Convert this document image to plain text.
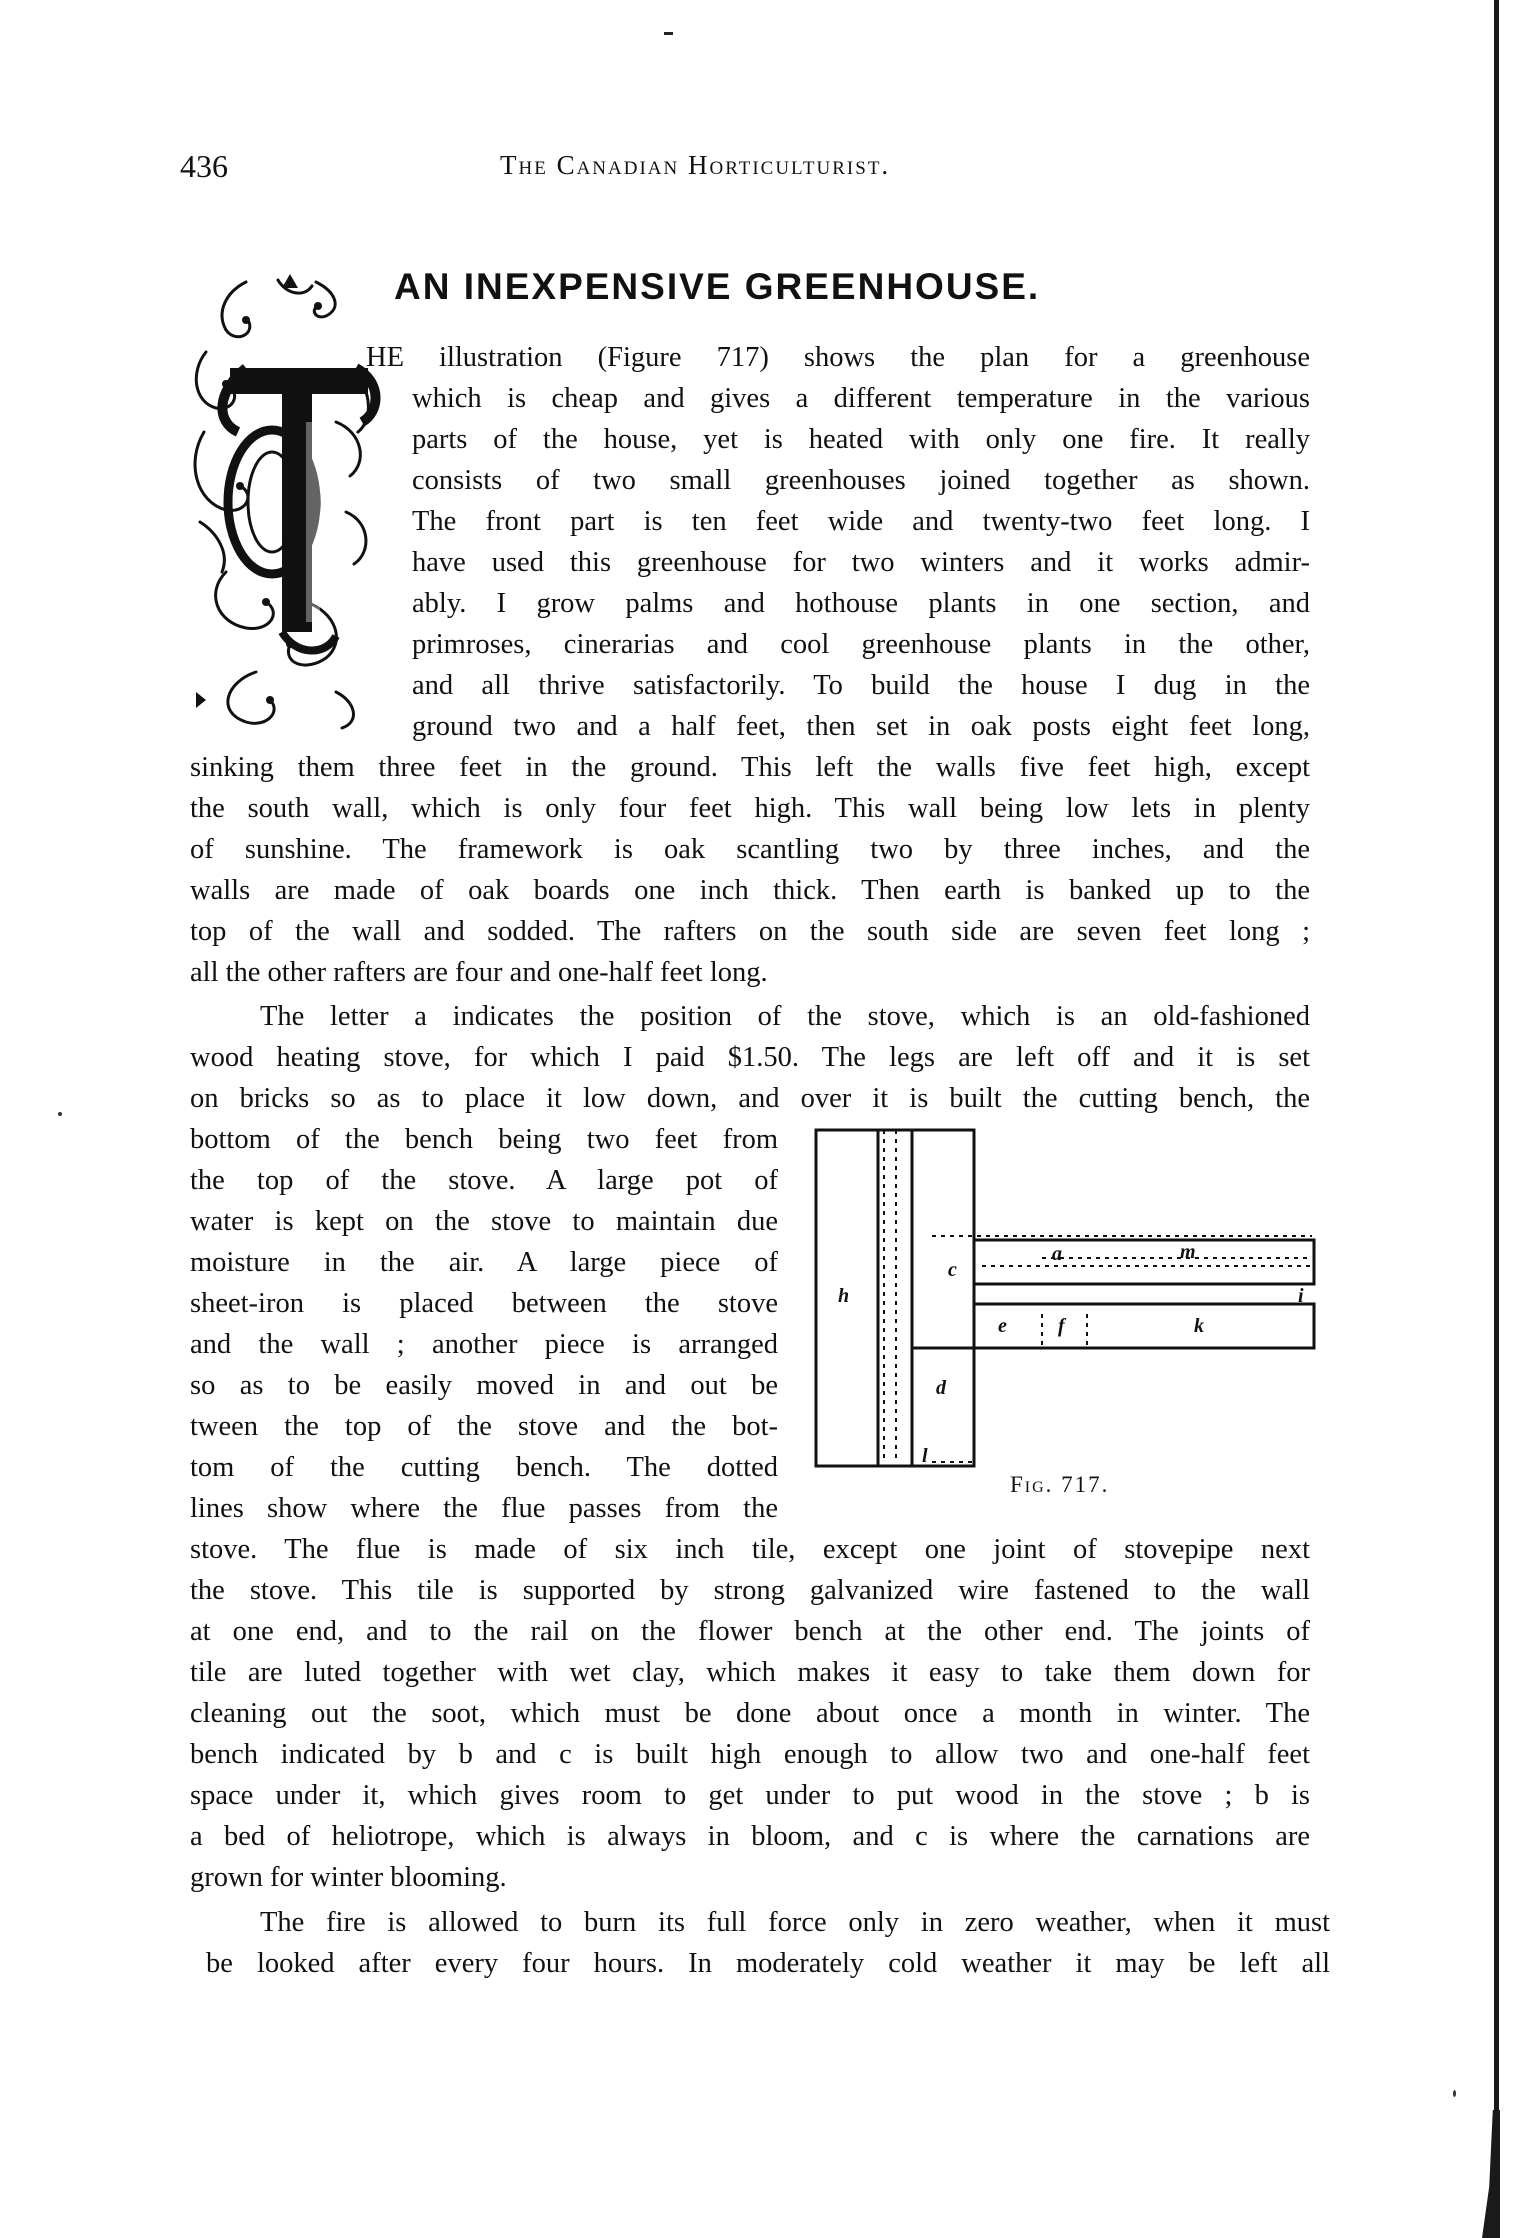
436	The Canadian Horticulturist.
AN INEXPENSIVE GREENHOUSE.

HE illustration (Figure 717) shows the plan for a greenhouse

which is cheap and gives a different temperature in the various

parts of the house, yet is heated with only one fire. It really

consists of two small greenhouses joined together as shown.

The front part is ten feet wide and twenty-two feet long. I

have used this greenhouse for two winters and it works admir-

ably. I grow palms and hothouse plants in one section, and

primroses, cinerarias and cool greenhouse plants in the other,

and all thrive satisfactorily. To build the house I dug in the

ground two and a half feet, then set in oak posts eight feet long,

sinking them three feet in the ground. This left the walls five feet high, except

the south wall, which is only four feet high. This wall being low lets in plenty

of sunshine. The framework is oak scantling two by three inches, and the

walls are made of oak boards one inch thick. Then earth is banked up to the

top of the wall and sodded. The rafters on the south side are seven feet long ;

all the other rafters are four and one-half feet long.

The letter a indicates the position of the stove, which is an old-fashioned

wood heating stove, for which I paid $1.50. The legs are left off and it is set

on bricks so as to place it low down, and over it is built the cutting bench, the

bottom of the bench being two feet from

the top of the stove. A large pot of

water is kept on the stove to maintain due

moisture in the air. A large piece of

sheet-iron is placed between the stove

and the wall ; another piece is arranged

so as to be easily moved in and out be

tween the top of the stove and the bot-

tom of the cutting bench. The dotted

lines show where the flue passes from the

stove. The flue is made of six inch tile, except one joint of stovepipe next

the stove. This tile is supported by strong galvanized wire fastened to the wall

at one end, and to the rail on the flower bench at the other end. The joints of

tile are luted together with wet clay, which makes it easy to take them down for

cleaning out the soot, which must be done about once a month in winter. The

bench indicated by b and c is built high enough to allow two and one-half feet

space under it, which gives room to get under to put wood in the stove ; b is

a bed of heliotrope, which is always in bloom, and c is where the carnations are

grown for winter blooming.

The fire is allowed to burn its full force only in zero weather, when it must

be looked after every four hours. In moderately cold weather it may be left all

h
d
c
a	m
i
e	f	k
l

Fig. 717.
